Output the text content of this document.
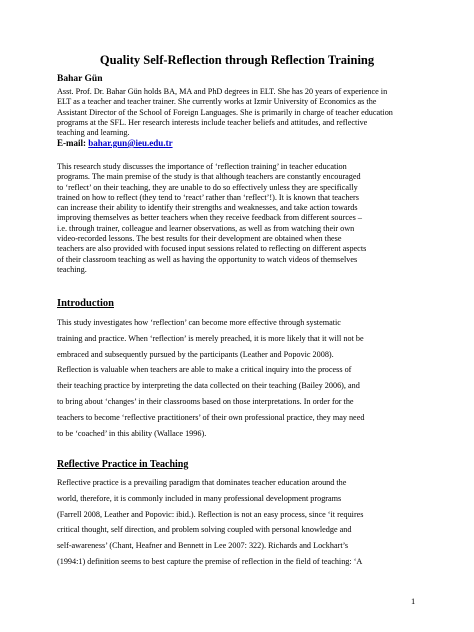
Quality Self-Reflection through Reflection Training
Bahar Gün
Asst. Prof. Dr. Bahar Gün holds BA, MA and PhD degrees in ELT. She has 20 years of experience in
ELT as a teacher and teacher trainer. She currently works at Izmir University of Economics as the
Assistant Director of the School of Foreign Languages. She is primarily in charge of teacher education
programs at the SFL. Her research interests include teacher beliefs and attitudes, and reflective
teaching and learning.
E-mail: bahar.gun@ieu.edu.tr
This research study discusses the importance of ‘reflection training’ in teacher education
programs. The main premise of the study is that although teachers are constantly encouraged
to ‘reflect’ on their teaching, they are unable to do so effectively unless they are specifically
trained on how to reflect (they tend to ‘react’ rather than ‘reflect’!). It is known that teachers
can increase their ability to identify their strengths and weaknesses, and take action towards
improving themselves as better teachers when they receive feedback from different sources –
i.e. through trainer, colleague and learner observations, as well as from watching their own
video-recorded lessons. The best results for their development are obtained when these
teachers are also provided with focused input sessions related to reflecting on different aspects
of their classroom teaching as well as having the opportunity to watch videos of themselves
teaching.
Introduction
This study investigates how ‘reflection’ can become more effective through systematic
training and practice. When ‘reflection’ is merely preached, it is more likely that it will not be
embraced and subsequently pursued by the participants (Leather and Popovic 2008).
Reflection is valuable when teachers are able to make a critical inquiry into the process of
their teaching practice by interpreting the data collected on their teaching (Bailey 2006), and
to bring about ‘changes’ in their classrooms based on those interpretations. In order for the
teachers to become ‘reflective practitioners’ of their own professional practice, they may need
to be ‘coached’ in this ability (Wallace 1996).
Reflective Practice in Teaching
Reflective practice is a prevailing paradigm that dominates teacher education around the
world, therefore, it is commonly included in many professional development programs
(Farrell 2008, Leather and Popovic: ibid.). Reflection is not an easy process, since ‘it requires
critical thought, self direction, and problem solving coupled with personal knowledge and
self-awareness’ (Chant, Heafner and Bennett in Lee 2007: 322). Richards and Lockhart’s
(1994:1) definition seems to best capture the premise of reflection in the field of teaching: ‘A
1
